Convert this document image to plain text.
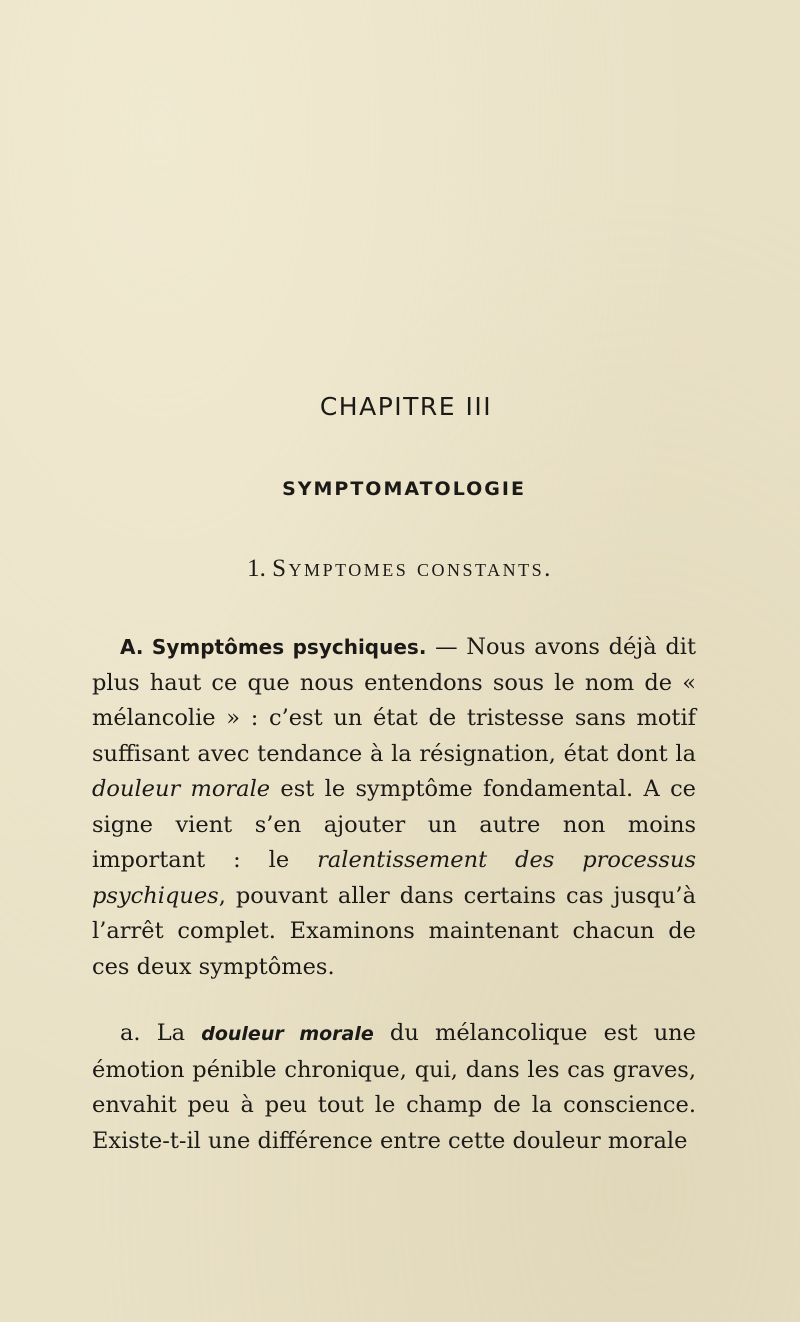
CHAPITRE III
SYMPTOMATOLOGIE
1. Symptomes constants.

A. Symptômes psychiques. — Nous avons déjà dit plus haut ce que nous entendons sous le nom de « mélancolie » : c’est un état de tristesse sans motif suffisant avec tendance à la résignation, état dont la douleur morale est le symptôme fondamental. A ce signe vient s’en ajouter un autre non moins important : le ralentissement des processus psychiques, pouvant aller dans certains cas jusqu’à l’arrêt complet. Examinons maintenant chacun de ces deux symptômes.

a. La douleur morale du mélancolique est une émotion pénible chronique, qui, dans les cas graves, envahit peu à peu tout le champ de la conscience. Existe-t-il une différence entre cette douleur morale
